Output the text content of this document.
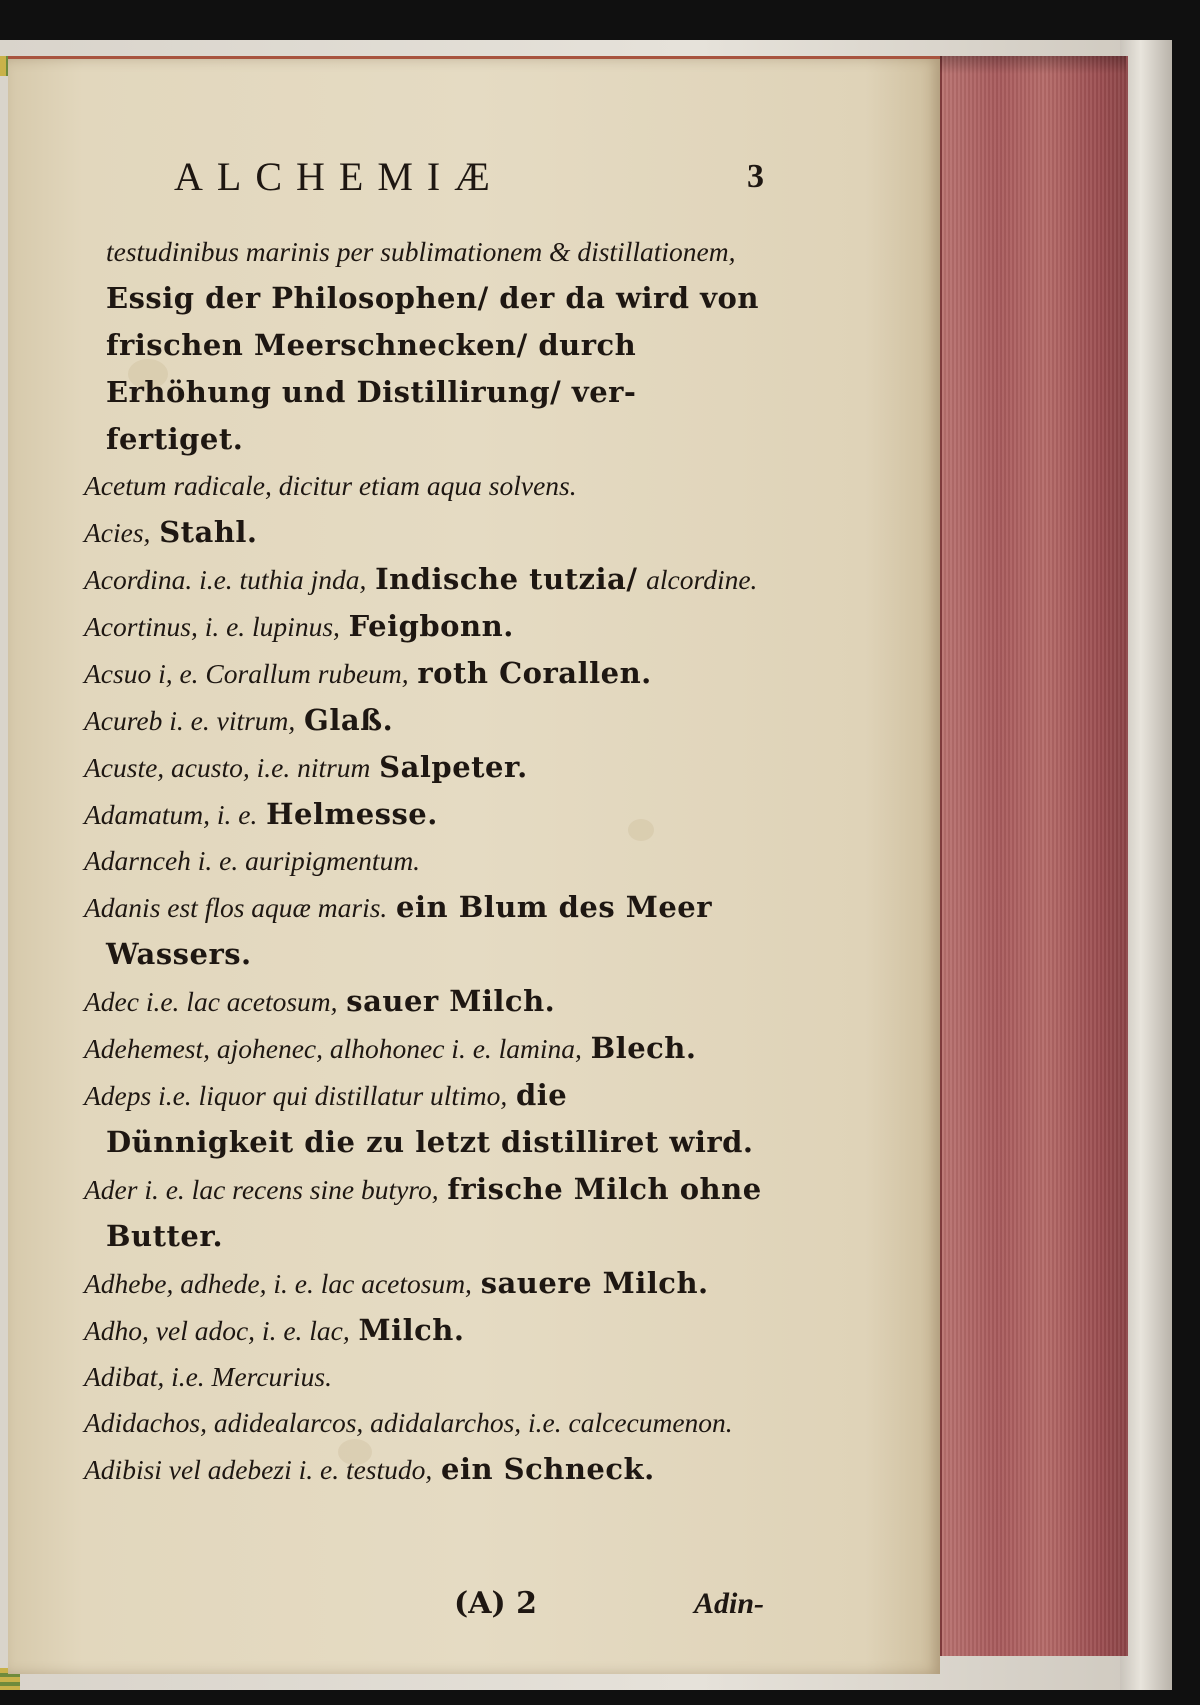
ALCHEMIÆ	3

testudinibus marinis per sublimationem & distillationem, Essig der Philosophen/ der da wird von frischen Meerschnecken/ durch Erhöhung und Distillirung/ ver-fertiget.

Acetum radicale, dicitur etiam aqua solvens.

Acies, Stahl.

Acordina. i.e. tuthia jnda, Indische tutzia/ alcordine.

Acortinus, i. e. lupinus, Feigbonn.

Acsuo i, e. Corallum rubeum, roth Corallen.

Acureb i. e. vitrum, Glaß.

Acuste, acusto, i.e. nitrum Salpeter.

Adamatum, i. e. Helmesse.

Adarnceh i. e. auripigmentum.

Adanis est flos aquæ maris. ein Blum des Meer Wassers.

Adec i.e. lac acetosum, sauer Milch.

Adehemest, ajohenec, alhohonec i. e. lamina, Blech.

Adeps i.e. liquor qui distillatur ultimo, die Dünnigkeit die zu letzt distilliret wird.

Ader i. e. lac recens sine butyro, frische Milch ohne Butter.

Adhebe, adhede, i. e. lac acetosum, sauere Milch.

Adho, vel adoc, i. e. lac, Milch.

Adibat, i.e. Mercurius.

Adidachos, adidealarcos, adidalarchos, i.e. calcecumenon.

Adibisi vel adebezi i. e. testudo, ein Schneck.

(A) 2	Adin-
